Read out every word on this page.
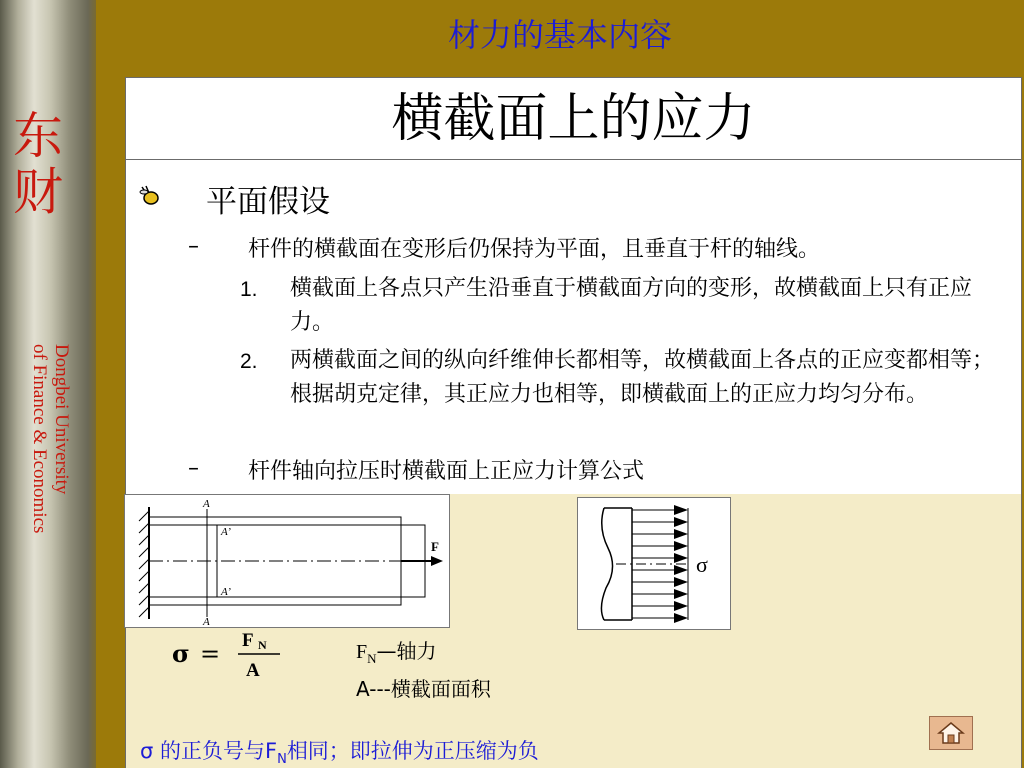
东
财
Dongbei University
of Finance & Economics
材力的基本内容
横截面上的应力
平面假设
– 杆件的横截面在变形后仍保持为平面，且垂直于杆的轴线。
1. 横截面上各点只产生沿垂直于横截面方向的变形，故横截面上只有正应力。
2. 两横截面之间的纵向纤维伸长都相等，故横截面上各点的正应变都相等；根据胡克定律，其正应力也相等，即横截面上的正应力均匀分布。
– 杆件轴向拉压时横截面上正应力计算公式
A
A’
A’
A
F
σ
σ = F N
A
$F_N—$轴力
A---横截面面积
σ 的正负号与$F_N$相同；即拉伸为正压缩为负
